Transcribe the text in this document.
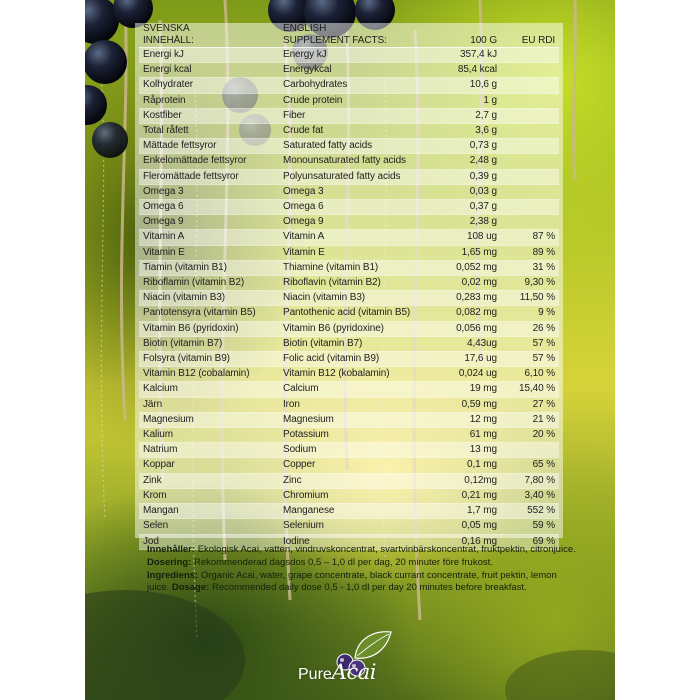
SVENSKA	ENGLISH		
INNEHÅLL:	SUPPLEMENT FACTS:	100 G	EU RDI
Energi kJ	Energy kJ	357,4 kJ	
Energi kcal	Energykcal	85,4 kcal	
Kolhydrater	Carbohydrates	10,6 g	
Råprotein	Crude protein	1 g	
Kostfiber	Fiber	2,7 g	
Total råfett	Crude fat	3,6 g	
Mättade fettsyror	Saturated fatty acids	0,73 g	
Enkelomättade fettsyror	Monounsaturated fatty acids	2,48 g	
Fleromättade fettsyror	Polyunsaturated fatty acids	0,39 g	
Omega 3	Omega 3	0,03 g	
Omega 6	Omega 6	0,37 g	
Omega 9	Omega 9	2,38 g	
Vitamin A	Vitamin A	108 ug	87 %
Vitamin E	Vitamin E	1,65 mg	89 %
Tiamin (vitamin B1)	Thiamine (vitamin B1)	0,052 mg	31 %
Riboflamin (vitamin B2)	Riboflavin (vitamin B2)	0,02 mg	9,30 %
Niacin (vitamin B3)	Niacin (vitamin B3)	0,283 mg	11,50 %
Pantotensyra (vitamin B5)	Pantothenic acid (vitamin B5)	0,082 mg	9 %
Vitamin B6 (pyridoxin)	Vitamin B6 (pyridoxine)	0,056 mg	26 %
Biotin (vitamin B7)	Biotin (vitamin B7)	4,43ug	57 %
Folsyra (vitamin B9)	Folic acid (vitamin B9)	17,6 ug	57 %
Vitamin B12 (cobalamin)	Vitamin B12 (kobalamin)	0,024 ug	6,10 %
Kalcium	Calcium	19 mg	15,40 %
Järn	Iron	0,59 mg	27 %
Magnesium	Magnesium	12 mg	21 %
Kalium	Potassium	61 mg	20 %
Natrium	Sodium	13 mg	
Koppar	Copper	0,1 mg	65 %
Zink	Zinc	0,12mg	7,80 %
Krom	Chromium	0,21 mg	3,40 %
Mangan	Manganese	1,7 mg	552 %
Selen	Selenium	0,05 mg	59 %
Jod	Iodine	0,16 mg	69 %

Innehåller: Ekologisk Acai, vatten, vindruvskoncentrat, svartvinbärskoncentrat, fruktpektin, citronjuice. Dosering: Rekommenderad dagsdos 0,5 – 1,0 dl per dag, 20 minuter före frukost.

Ingrediens: Organic Acai, water, grape concentrate, black currant concentrate, fruit pektin, lemon juice. Dosage: Recommended daily dose 0,5 - 1,0 dl per day 20 minutes before breakfast.

PureAcai
